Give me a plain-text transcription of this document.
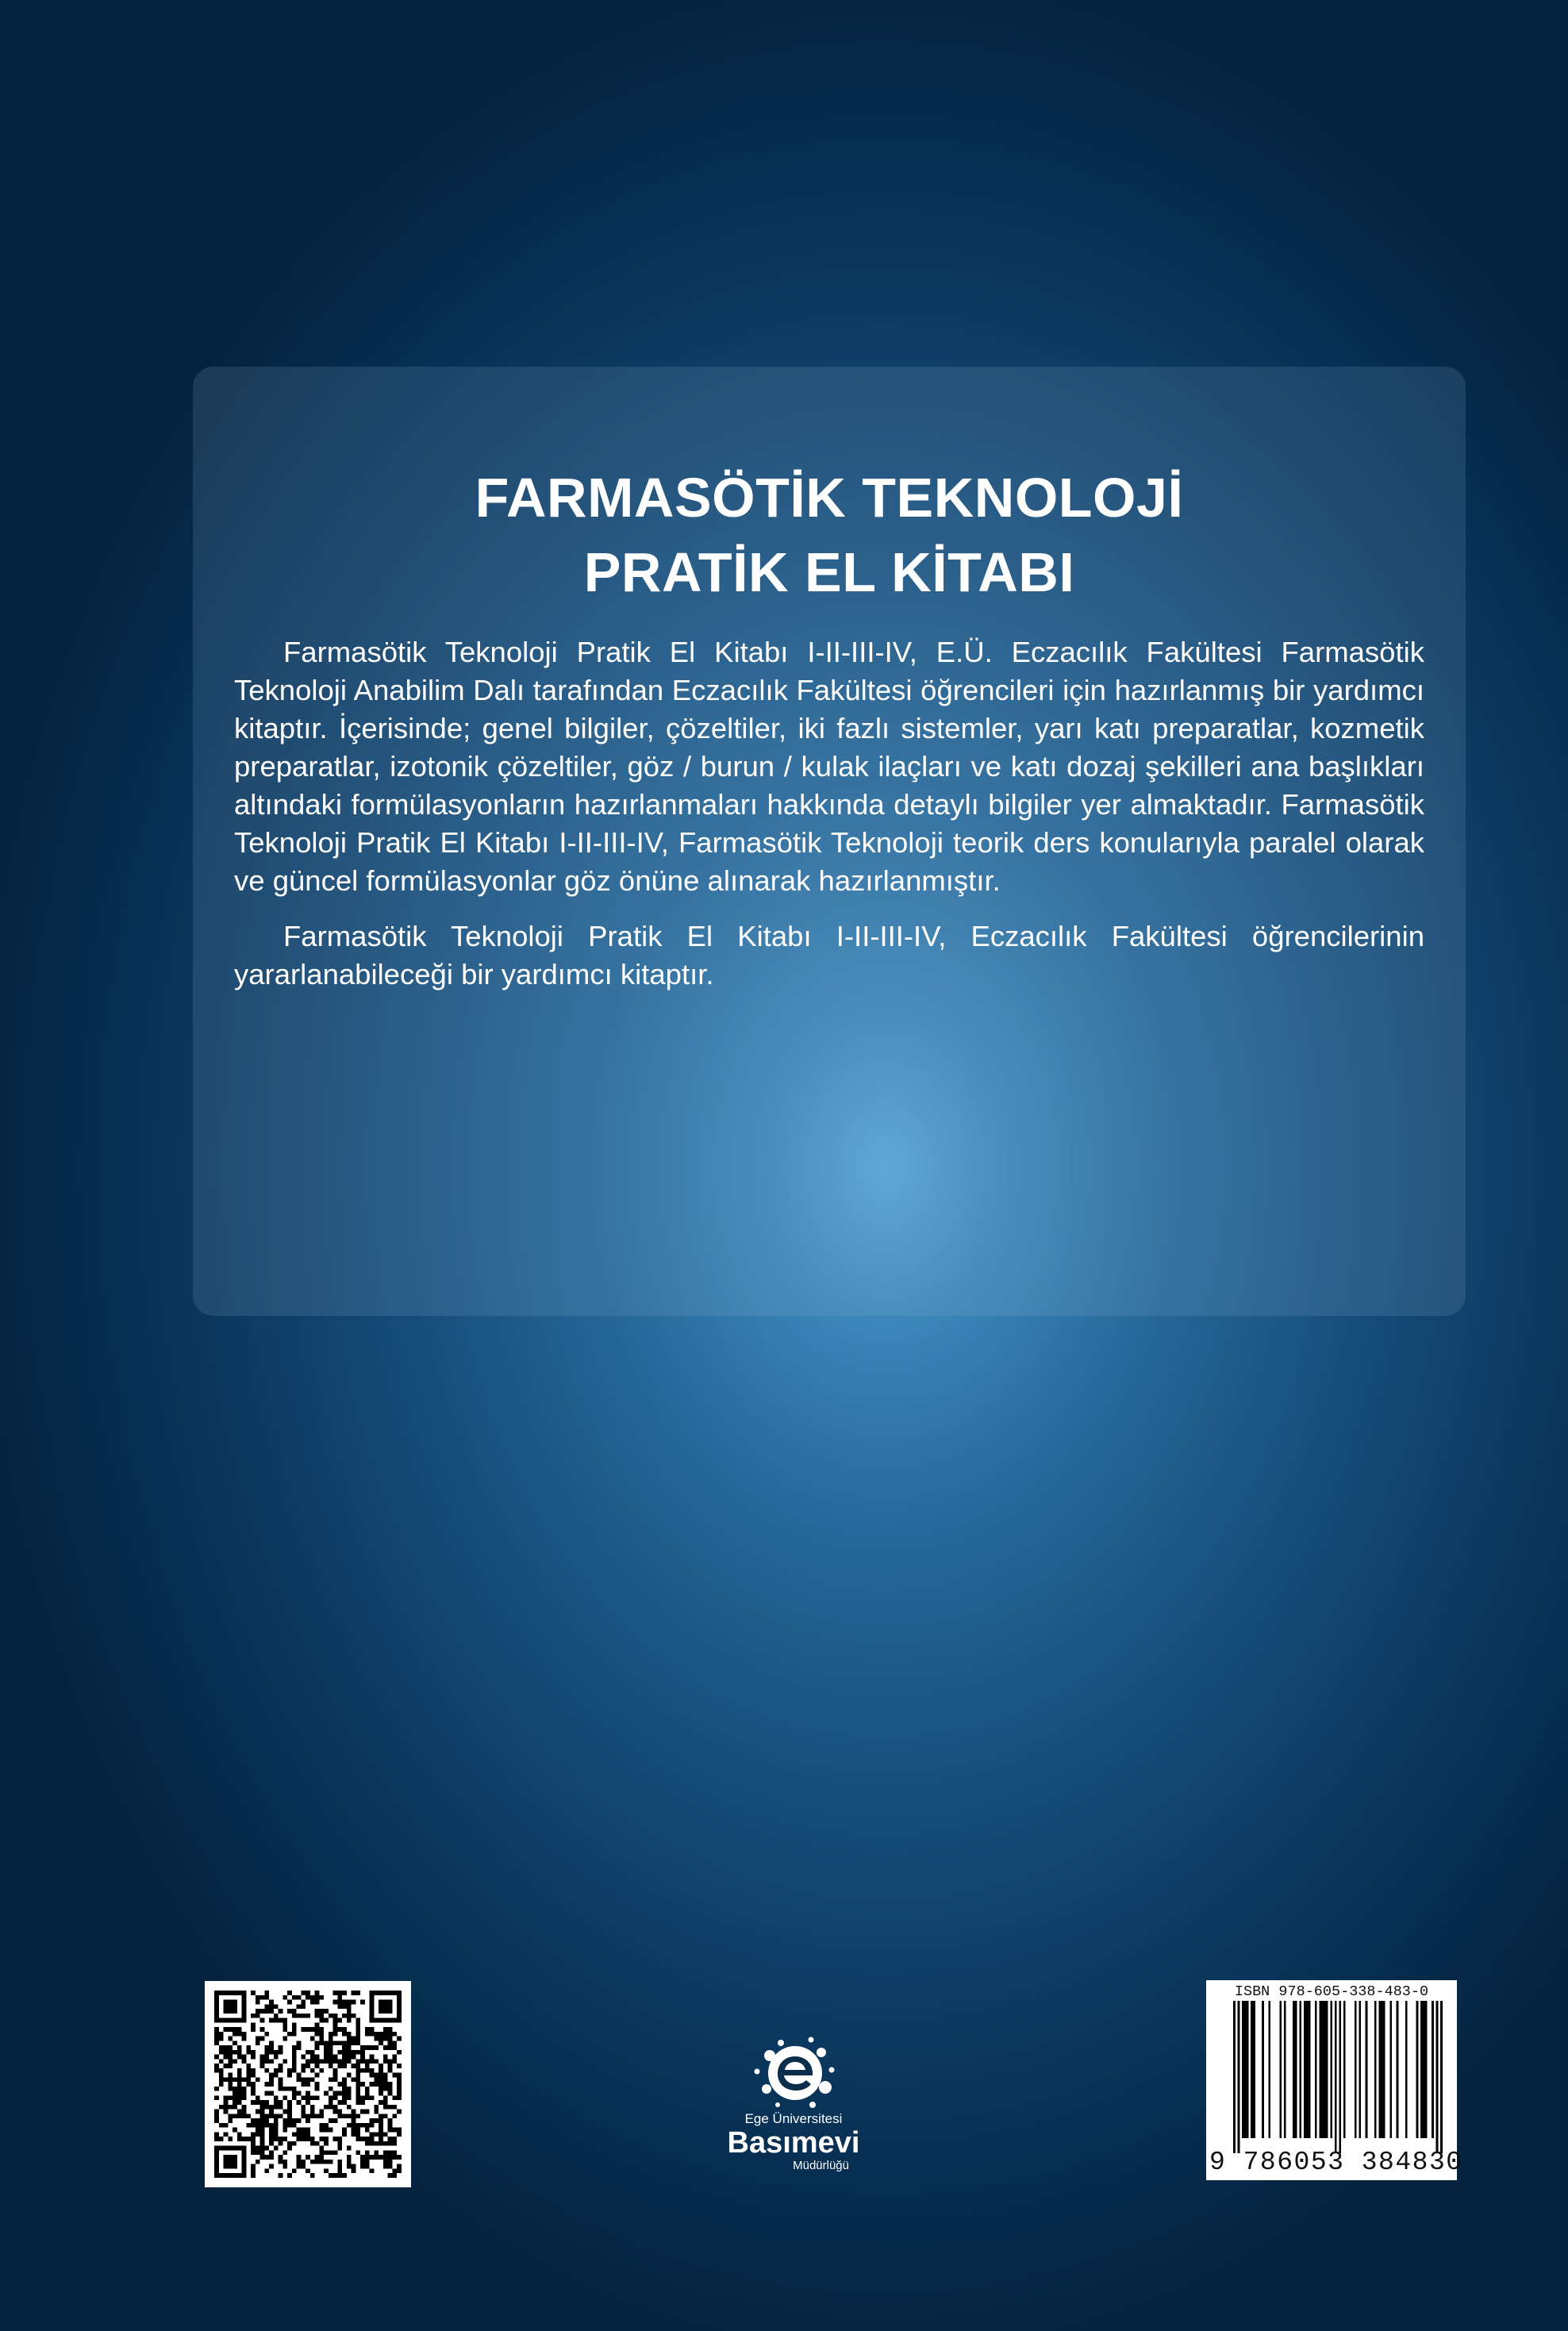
FARMASÖTİK TEKNOLOJİ
PRATİK EL KİTABI

Farmasötik Teknoloji Pratik El Kitabı I-II-III-IV, E.Ü. Eczacılık Fakültesi Farmasötik Teknoloji Anabilim Dalı tarafından Eczacılık Fakültesi öğrencileri için hazırlanmış bir yardımcı kitaptır. İçerisinde; genel bilgiler, çözeltiler, iki fazlı sistemler, yarı katı preparatlar, kozmetik preparatlar, izotonik çözeltiler, göz / burun / kulak ilaçları ve katı dozaj şekilleri ana başlıkları altındaki formülasyonların hazırlanmaları hakkında detaylı bilgiler yer almaktadır. Farmasötik Teknoloji Pratik El Kitabı I-II-III-IV, Farmasötik Teknoloji teorik ders konularıyla paralel olarak ve güncel formülasyonlar göz önüne alınarak hazırlanmıştır.

Farmasötik Teknoloji Pratik El Kitabı I-II-III-IV, Eczacılık Fakültesi öğrencilerinin yararlanabileceği bir yardımcı kitaptır.

Ege Üniversitesi
Basımevi
Müdürlüğü
ISBN 978-605-338-483-0
9 786053 384830
